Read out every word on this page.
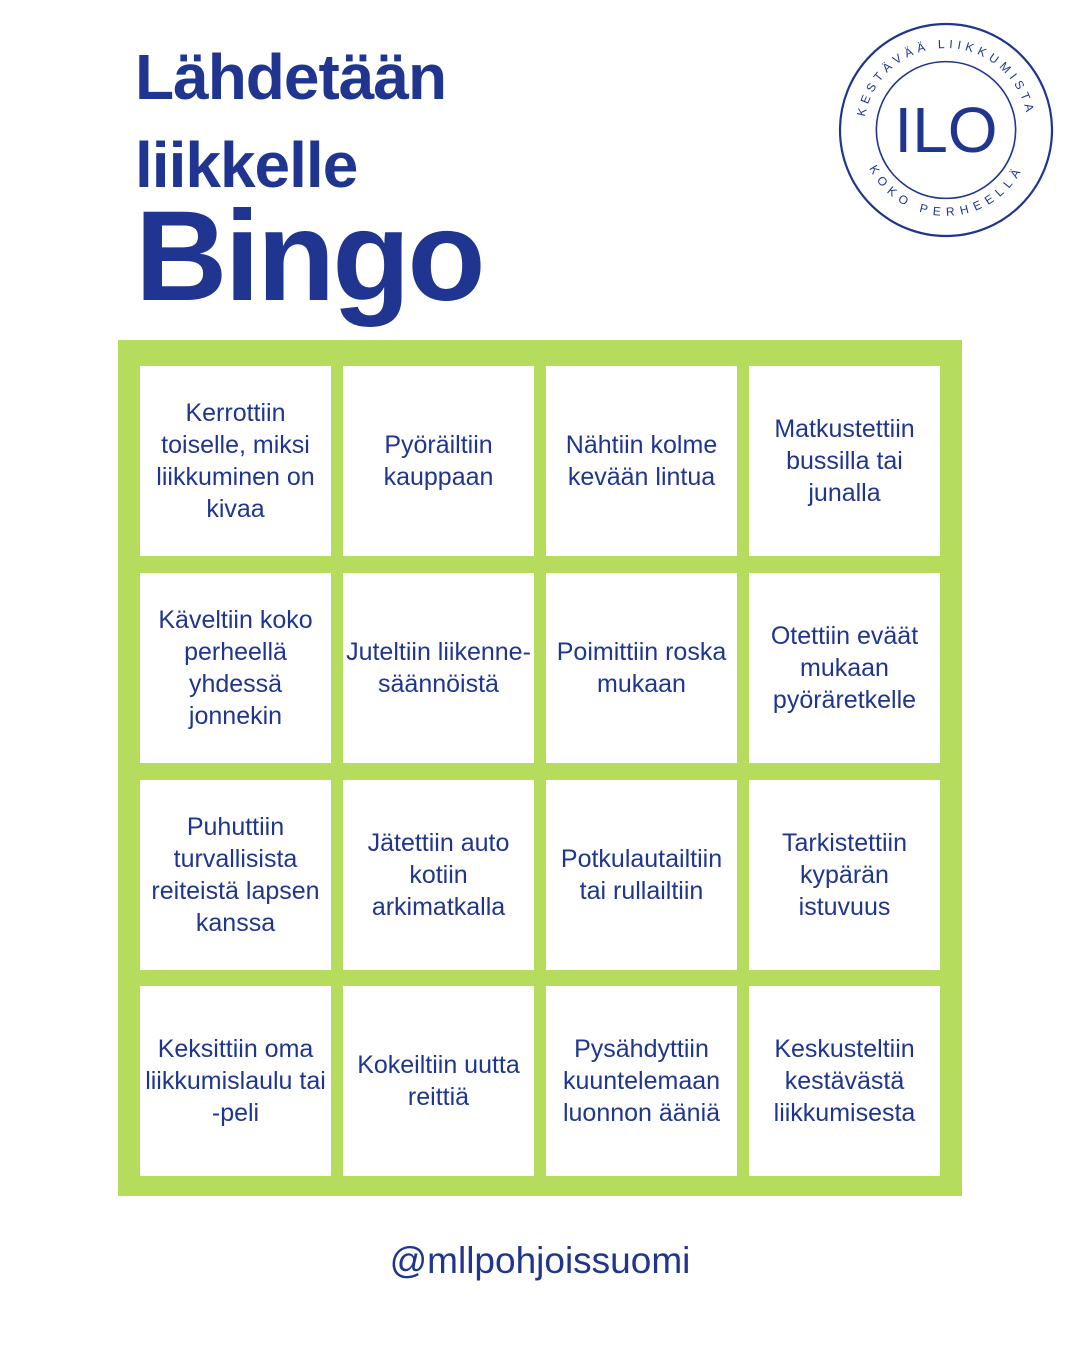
Lähdetään
liikkelle
Bingo
KESTÄVÄÄ LIIKKUMISTA
KOKO PERHEELLÄ
ILO
Kerrottiin toiselle, miksi liikkuminen on kivaa
Pyöräiltiin kauppaan
Nähtiin kolme kevään lintua
Matkustettiin bussilla tai junalla
Käveltiin koko perheellä yhdessä jonnekin
Juteltiin liikenne-säännöistä
Poimittiin roska mukaan
Otettiin eväät mukaan pyöräretkelle
Puhuttiin turvallisista reiteistä lapsen kanssa
Jätettiin auto kotiin arkimatkalla
Potkulautailtiin tai rullailtiin
Tarkistettiin kypärän istuvuus
Keksittiin oma liikkumislaulu tai -peli
Kokeiltiin uutta reittiä
Pysähdyttiin kuuntelemaan luonnon ääniä
Keskusteltiin kestävästä liikkumisesta
@mllpohjoissuomi
